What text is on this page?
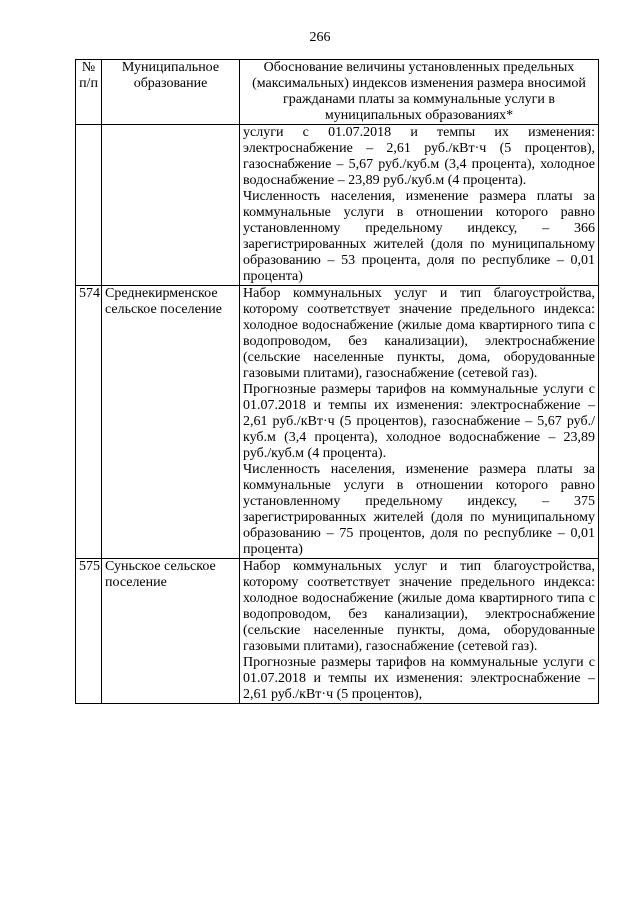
266
№ п/п	Муниципальное образование	Обоснование величины установленных предельных (максимальных) индексов изменения размера вносимой гражданами платы за коммунальные услуги в муниципальных образованиях*

		услуги с 01.07.2018 и темпы их изменения: электроснабжение – 2,61 руб./кВт·ч (5 процентов), газоснабжение – 5,67 руб./куб.м (3,4 процента), холодное водоснабжение – 23,89 руб./куб.м (4 процента).

Численность населения, изменение размера платы за коммунальные услуги в отношении которого равно установленному предельному индексу, – 366 зарегистрированных жителей (доля по муниципальному образованию – 53 процента, доля по республике – 0,01 процента)

574	Среднекирменское сельское поселение	Набор коммунальных услуг и тип благоустройства, которому соответствует значение предельного индекса: холодное водоснабжение (жилые дома квартирного типа с водопроводом, без канализации), электроснабжение (сельские населенные пункты, дома, оборудованные газовыми плитами), газоснабжение (сетевой газ).

Прогнозные размеры тарифов на коммунальные услуги с 01.07.2018 и темпы их изменения: электроснабжение – 2,61 руб./кВт·ч (5 процентов), газоснабжение – 5,67 руб./куб.м (3,4 процента), холодное водоснабжение – 23,89 руб./куб.м (4 процента).

Численность населения, изменение размера платы за коммунальные услуги в отношении которого равно установленному предельному индексу, – 375 зарегистрированных жителей (доля по муниципальному образованию – 75 процентов, доля по республике – 0,01 процента)

575	Суньское сельское поселение	Набор коммунальных услуг и тип благоустройства, которому соответствует значение предельного индекса: холодное водоснабжение (жилые дома квартирного типа с водопроводом, без канализации), электроснабжение (сельские населенные пункты, дома, оборудованные газовыми плитами), газоснабжение (сетевой газ).

Прогнозные размеры тарифов на коммунальные услуги с 01.07.2018 и темпы их изменения: электроснабжение – 2,61 руб./кВт·ч (5 процентов),
